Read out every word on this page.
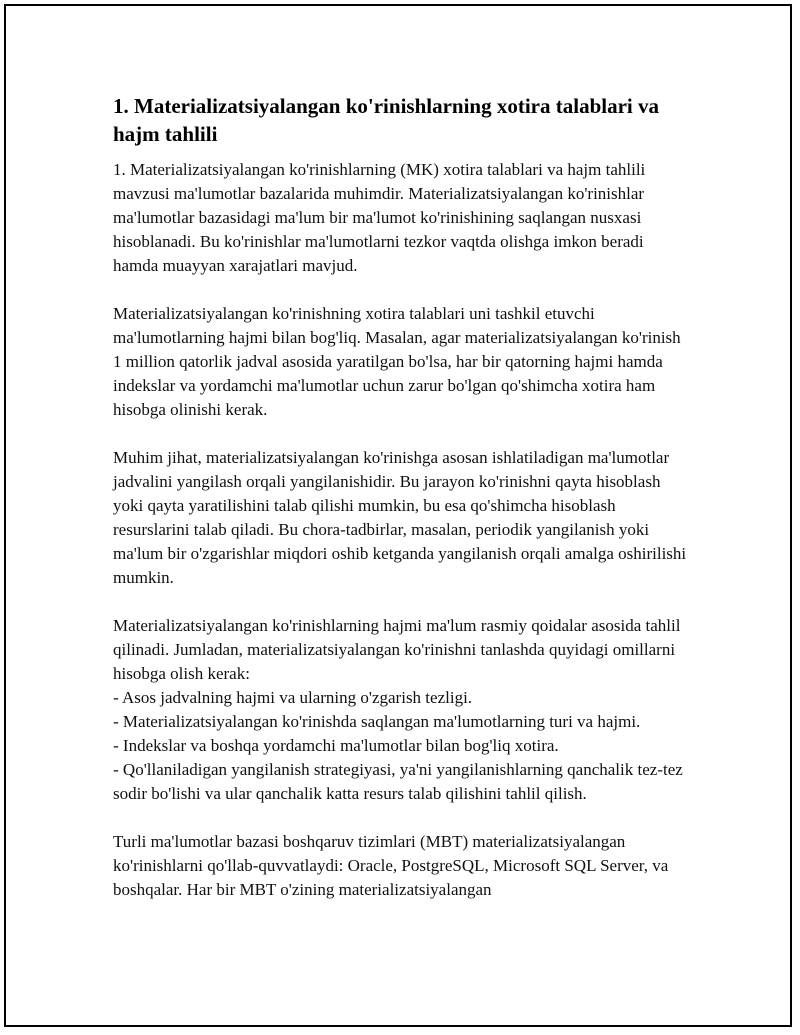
1. Materializatsiyalangan ko'rinishlarning xotira talablari va hajm tahlili

1. Materializatsiyalangan ko'rinishlarning (MK) xotira talablari va hajm tahlili mavzusi ma'lumotlar bazalarida muhimdir. Materializatsiyalangan ko'rinishlar ma'lumotlar bazasidagi ma'lum bir ma'lumot ko'rinishining saqlangan nusxasi hisoblanadi. Bu ko'rinishlar ma'lumotlarni tezkor vaqtda olishga imkon beradi hamda muayyan xarajatlari mavjud.

Materializatsiyalangan ko'rinishning xotira talablari uni tashkil etuvchi ma'lumotlarning hajmi bilan bog'liq. Masalan, agar materializatsiyalangan ko'rinish 1 million qatorlik jadval asosida yaratilgan bo'lsa, har bir qatorning hajmi hamda indekslar va yordamchi ma'lumotlar uchun zarur bo'lgan qo'shimcha xotira ham hisobga olinishi kerak.

Muhim jihat, materializatsiyalangan ko'rinishga asosan ishlatiladigan ma'lumotlar jadvalini yangilash orqali yangilanishidir. Bu jarayon ko'rinishni qayta hisoblash yoki qayta yaratilishini talab qilishi mumkin, bu esa qo'shimcha hisoblash resurslarini talab qiladi. Bu chora-tadbirlar, masalan, periodik yangilanish yoki ma'lum bir o'zgarishlar miqdori oshib ketganda yangilanish orqali amalga oshirilishi mumkin.

Materializatsiyalangan ko'rinishlarning hajmi ma'lum rasmiy qoidalar asosida tahlil qilinadi. Jumladan, materializatsiyalangan ko'rinishni tanlashda quyidagi omillarni hisobga olish kerak:
- Asos jadvalning hajmi va ularning o'zgarish tezligi.
- Materializatsiyalangan ko'rinishda saqlangan ma'lumotlarning turi va hajmi.
- Indekslar va boshqa yordamchi ma'lumotlar bilan bog'liq xotira.
- Qo'llaniladigan yangilanish strategiyasi, ya'ni yangilanishlarning qanchalik tez-tez sodir bo'lishi va ular qanchalik katta resurs talab qilishini tahlil qilish.

Turli ma'lumotlar bazasi boshqaruv tizimlari (MBT) materializatsiyalangan ko'rinishlarni qo'llab-quvvatlaydi: Oracle, PostgreSQL, Microsoft SQL Server, va boshqalar. Har bir MBT o'zining materializatsiyalangan
